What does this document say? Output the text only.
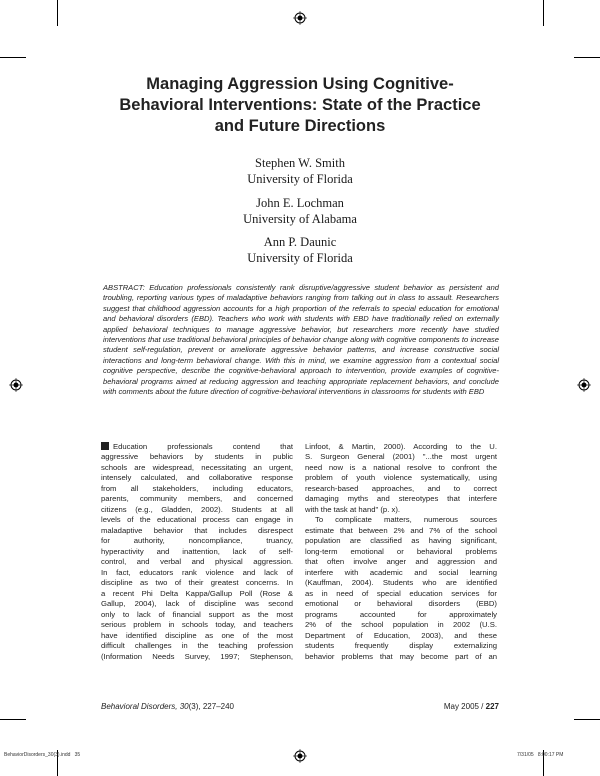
Managing Aggression Using Cognitive-
Behavioral Interventions: State of the Practice
and Future Directions
Stephen W. Smith
University of Florida
John E. Lochman
University of Alabama
Ann P. Daunic
University of Florida
ABSTRACT: Education professionals consistently rank disruptive/aggressive student behavior as persistent and troubling, reporting various types of maladaptive behaviors ranging from talking out in class to assault. Researchers suggest that childhood aggression accounts for a high proportion of the referrals to special education for emotional and behavioral disorders (EBD). Teachers who work with students with EBD have traditionally relied on externally applied behavioral techniques to manage aggressive behavior, but researchers more recently have studied interventions that use traditional behavioral principles of behavior change along with cognitive components to increase student self-regulation, prevent or ameliorate aggressive behavior patterns, and increase constructive social interactions and long-term behavioral change. With this in mind, we examine aggression from a contextual social cognitive perspective, describe the cognitive-behavioral approach to intervention, provide examples of cognitive-behavioral programs aimed at reducing aggression and teaching appropriate replacement behaviors, and conclude with comments about the future direction of cognitive-behavioral interventions in classrooms for students with EBD
Education professionals contend that
aggressive behaviors by students in public
schools are widespread, necessitating an urgent,
intensely calculated, and collaborative response
from all stakeholders, including educators,
parents, community members, and concerned
citizens (e.g., Gladden, 2002). Students at all
levels of the educational process can engage in
maladaptive behavior that includes disrespect
for authority, noncompliance, truancy,
hyperactivity and inattention, lack of self-
control, and verbal and physical aggression.
In fact, educators rank violence and lack of
discipline as two of their greatest concerns. In
a recent Phi Delta Kappa/Gallup Poll (Rose &
Gallup, 2004), lack of discipline was second
only to lack of financial support as the most
serious problem in schools today, and teachers
have identified discipline as one of the most
difficult challenges in the teaching profession
(Information Needs Survey, 1997; Stephenson,
Linfoot, & Martin, 2000). According to the U.
S. Surgeon General (2001) "...the most urgent
need now is a national resolve to confront the
problem of youth violence systematically, using
research-based approaches, and to correct
damaging myths and stereotypes that interfere
with the task at hand" (p. x).
To complicate matters, numerous sources
estimate that between 2% and 7% of the school
population are classified as having significant,
long-term emotional or behavioral problems
that often involve anger and aggression and
interfere with academic and social learning
(Kauffman, 2004). Students who are identified
as in need of special education services for
emotional or behavioral disorders (EBD)
programs accounted for approximately
2% of the school population in 2002 (U.S.
Department of Education, 2003), and these
students frequently display externalizing
behavior problems that may become part of an
Behavioral Disorders, 30(3), 227–240	May 2005 / 227
BehaviorDisorders_30(3).indd   35	7/31/05   8:00:17 PM
